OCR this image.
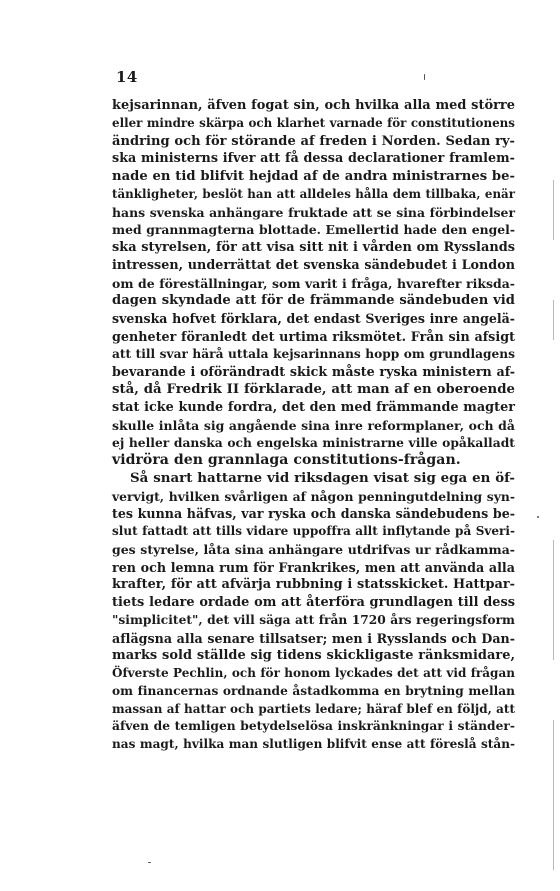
14
kejsarinnan, äfven fogat sin, och hvilka alla med större
eller mindre skärpa och klarhet varnade för constitutionens
ändring och för störande af freden i Norden. Sedan ry-
ska ministerns ifver att få dessa declarationer framlem-
nade en tid blifvit hejdad af de andra ministrarnes be-
tänkligheter, beslöt han att alldeles hålla dem tillbaka, enär
hans svenska anhängare fruktade att se sina förbindelser
med grannmagterna blottade. Emellertid hade den engel-
ska styrelsen, för att visa sitt nit i vården om Rysslands
intressen, underrättat det svenska sändebudet i London
om de föreställningar, som varit i fråga, hvarefter riksda-
dagen skyndade att för de främmande sändebuden vid
svenska hofvet förklara, det endast Sveriges inre angelä-
genheter föranledt det urtima riksmötet. Från sin afsigt
att till svar härå uttala kejsarinnans hopp om grundlagens
bevarande i oförändradt skick måste ryska ministern af-
stå, då Fredrik II förklarade, att man af en oberoende
stat icke kunde fordra, det den med främmande magter
skulle inlåta sig angående sina inre reformplaner, och då
ej heller danska och engelska ministrarne ville opåkalladt
vidröra den grannlaga constitutions-frågan.
Så snart hattarne vid riksdagen visat sig ega en öf-
vervigt, hvilken svårligen af någon penningutdelning syn-
tes kunna häfvas, var ryska och danska sändebudens be-
slut fattadt att tills vidare uppoffra allt inflytande på Sveri-
ges styrelse, låta sina anhängare utdrifvas ur rådkamma-
ren och lemna rum för Frankrikes, men att använda alla
krafter, för att afvärja rubbning i statsskicket. Hattpar-
tiets ledare ordade om att återföra grundlagen till dess
"simplicitet", det vill säga att från 1720 års regeringsform
aflägsna alla senare tillsatser; men i Rysslands och Dan-
marks sold ställde sig tidens skickligaste ränksmidare,
Öfverste Pechlin, och för honom lyckades det att vid frågan
om financernas ordnande åstadkomma en brytning mellan
massan af hattar och partiets ledare; häraf blef en följd, att
äfven de temligen betydelselösa inskränkningar i ständer-
nas magt, hvilka man slutligen blifvit ense att föreslå stån-
